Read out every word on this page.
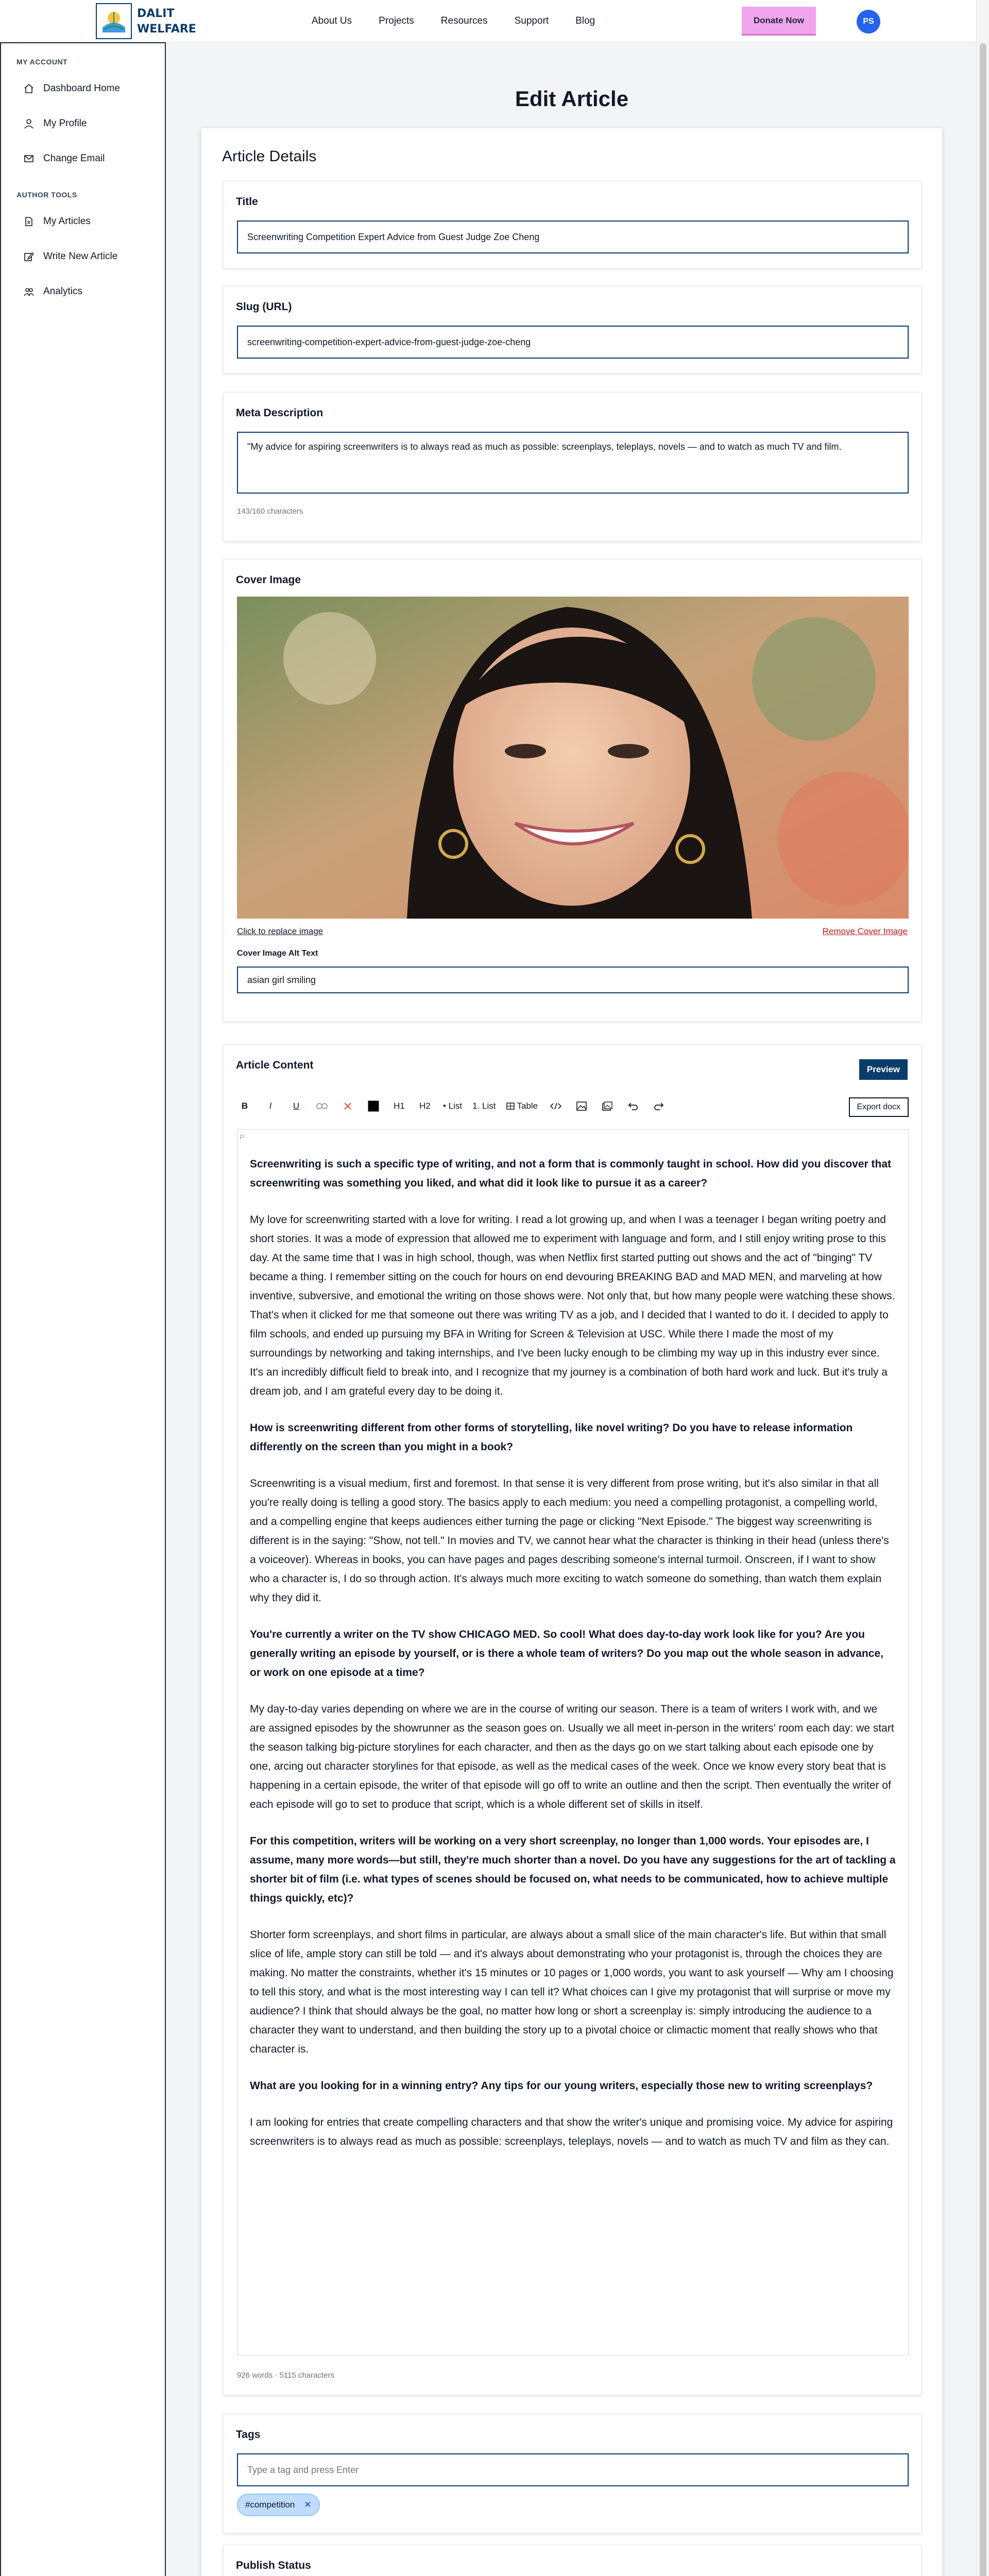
DALIT
WELFARE
About Us	Projects	Resources	Support	Blog	Donate Now	PS
MY ACCOUNT
Dashboard Home
My Profile
Change Email
AUTHOR TOOLS
My Articles
Write New Article
Analytics
Edit Article
Article Details
Title
Screenwriting Competition Expert Advice from Guest Judge Zoe Cheng
Slug (URL)
screenwriting-competition-expert-advice-from-guest-judge-zoe-cheng
Meta Description
"My advice for aspiring screenwriters is to always read as much as possible: screenplays, teleplays, novels — and to watch as much TV and film.
143/160 characters
Cover Image
Click to replace image	Remove Cover Image
Cover Image Alt Text
asian girl smiling
Article Content	Preview
B	I	U	H1 H2 • List 1. List Table	Export docx
P

Screenwriting is such a specific type of writing, and not a form that is commonly taught in school. How did you discover that screenwriting was something you liked, and what did it look like to pursue it as a career?

My love for screenwriting started with a love for writing. I read a lot growing up, and when I was a teenager I began writing poetry and short stories. It was a mode of expression that allowed me to experiment with language and form, and I still enjoy writing prose to this day. At the same time that I was in high school, though, was when Netflix first started putting out shows and the act of "binging" TV became a thing. I remember sitting on the couch for hours on end devouring BREAKING BAD and MAD MEN, and marveling at how inventive, subversive, and emotional the writing on those shows were. Not only that, but how many people were watching these shows. That's when it clicked for me that someone out there was writing TV as a job, and I decided that I wanted to do it. I decided to apply to film schools, and ended up pursuing my BFA in Writing for Screen & Television at USC. While there I made the most of my surroundings by networking and taking internships, and I've been lucky enough to be climbing my way up in this industry ever since. It's an incredibly difficult field to break into, and I recognize that my journey is a combination of both hard work and luck. But it's truly a dream job, and I am grateful every day to be doing it.

How is screenwriting different from other forms of storytelling, like novel writing? Do you have to release information differently on the screen than you might in a book?

Screenwriting is a visual medium, first and foremost. In that sense it is very different from prose writing, but it's also similar in that all you're really doing is telling a good story. The basics apply to each medium: you need a compelling protagonist, a compelling world, and a compelling engine that keeps audiences either turning the page or clicking "Next Episode." The biggest way screenwriting is different is in the saying: "Show, not tell." In movies and TV, we cannot hear what the character is thinking in their head (unless there's a voiceover). Whereas in books, you can have pages and pages describing someone's internal turmoil. Onscreen, if I want to show who a character is, I do so through action. It's always much more exciting to watch someone do something, than watch them explain why they did it.

You're currently a writer on the TV show CHICAGO MED. So cool! What does day-to-day work look like for you? Are you generally writing an episode by yourself, or is there a whole team of writers? Do you map out the whole season in advance, or work on one episode at a time?

My day-to-day varies depending on where we are in the course of writing our season. There is a team of writers I work with, and we are assigned episodes by the showrunner as the season goes on. Usually we all meet in-person in the writers' room each day: we start the season talking big-picture storylines for each character, and then as the days go on we start talking about each episode one by one, arcing out character storylines for that episode, as well as the medical cases of the week. Once we know every story beat that is happening in a certain episode, the writer of that episode will go off to write an outline and then the script. Then eventually the writer of each episode will go to set to produce that script, which is a whole different set of skills in itself.

For this competition, writers will be working on a very short screenplay, no longer than 1,000 words. Your episodes are, I assume, many more words—but still, they're much shorter than a novel. Do you have any suggestions for the art of tackling a shorter bit of film (i.e. what types of scenes should be focused on, what needs to be communicated, how to achieve multiple things quickly, etc)?

Shorter form screenplays, and short films in particular, are always about a small slice of the main character's life. But within that small slice of life, ample story can still be told — and it's always about demonstrating who your protagonist is, through the choices they are making. No matter the constraints, whether it's 15 minutes or 10 pages or 1,000 words, you want to ask yourself — Why am I choosing to tell this story, and what is the most interesting way I can tell it? What choices can I give my protagonist that will surprise or move my audience? I think that should always be the goal, no matter how long or short a screenplay is: simply introducing the audience to a character they want to understand, and then building the story up to a pivotal choice or climactic moment that really shows who that character is.

What are you looking for in a winning entry? Any tips for our young writers, especially those new to writing screenplays?

I am looking for entries that create compelling characters and that show the writer's unique and promising voice. My advice for aspiring screenwriters is to always read as much as possible: screenplays, teleplays, novels — and to watch as much TV and film as they can.

926 words · 5115 characters
Tags
Type a tag and press Enter
#competition ✕
Publish Status
